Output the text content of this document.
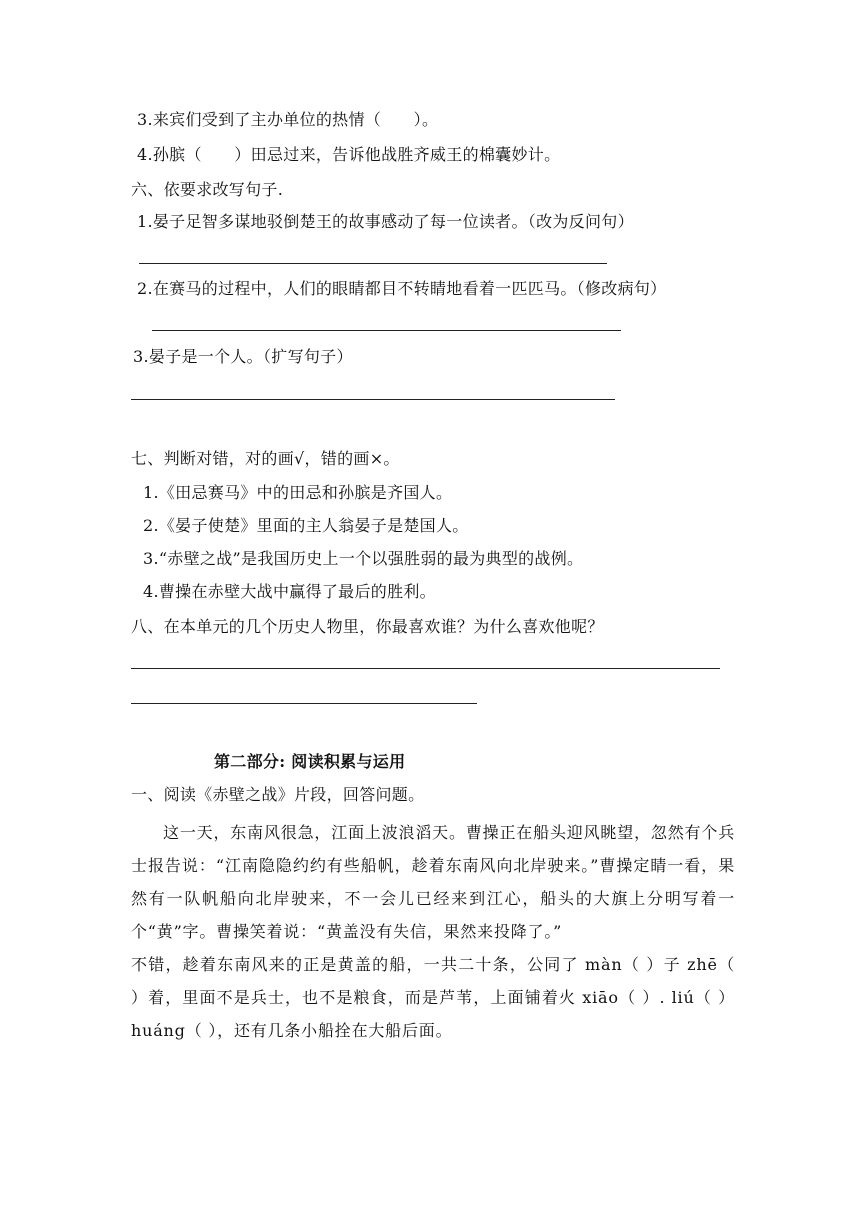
3.来宾们受到了主办单位的热情（　　）。
4.孙膑（　　）田忌过来，告诉他战胜齐威王的棉囊妙计。
六、依要求改写句子.
1.晏子足智多谋地驳倒楚王的故事感动了每一位读者。（改为反问句）
2.在赛马的过程中，人们的眼睛都目不转睛地看着一匹匹马。（修改病句）
3.晏子是一个人。（扩写句子）
七、判断对错，对的画√，错的画×。
1.《田忌赛马》中的田忌和孙膑是齐国人。
2.《晏子使楚》里面的主人翁晏子是楚国人。
3.“赤壁之战”是我国历史上一个以强胜弱的最为典型的战例。
4.曹操在赤壁大战中赢得了最后的胜利。
八、在本单元的几个历史人物里，你最喜欢谁？为什么喜欢他呢？
第二部分: 阅读积累与运用
一、阅读《赤壁之战》片段，回答问题。
这一天，东南风很急，江面上波浪滔天。曹操正在船头迎风眺望，忽然有个兵士报告说：“江南隐隐约约有些船帆，趁着东南风向北岸驶来。”曹操定睛一看，果然有一队帆船向北岸驶来，不一会儿已经来到江心，船头的大旗上分明写着一个“黄”字。曹操笑着说：“黄盖没有失信，果然来投降了。”
不错，趁着东南风来的正是黄盖的船，一共二十条，公同了 màn（ ）子 zhē（ ）着，里面不是兵士，也不是粮食，而是芦苇，上面铺着火 xiāo（ ）. liú（ ）huáng（ ），还有几条小船拴在大船后面。
